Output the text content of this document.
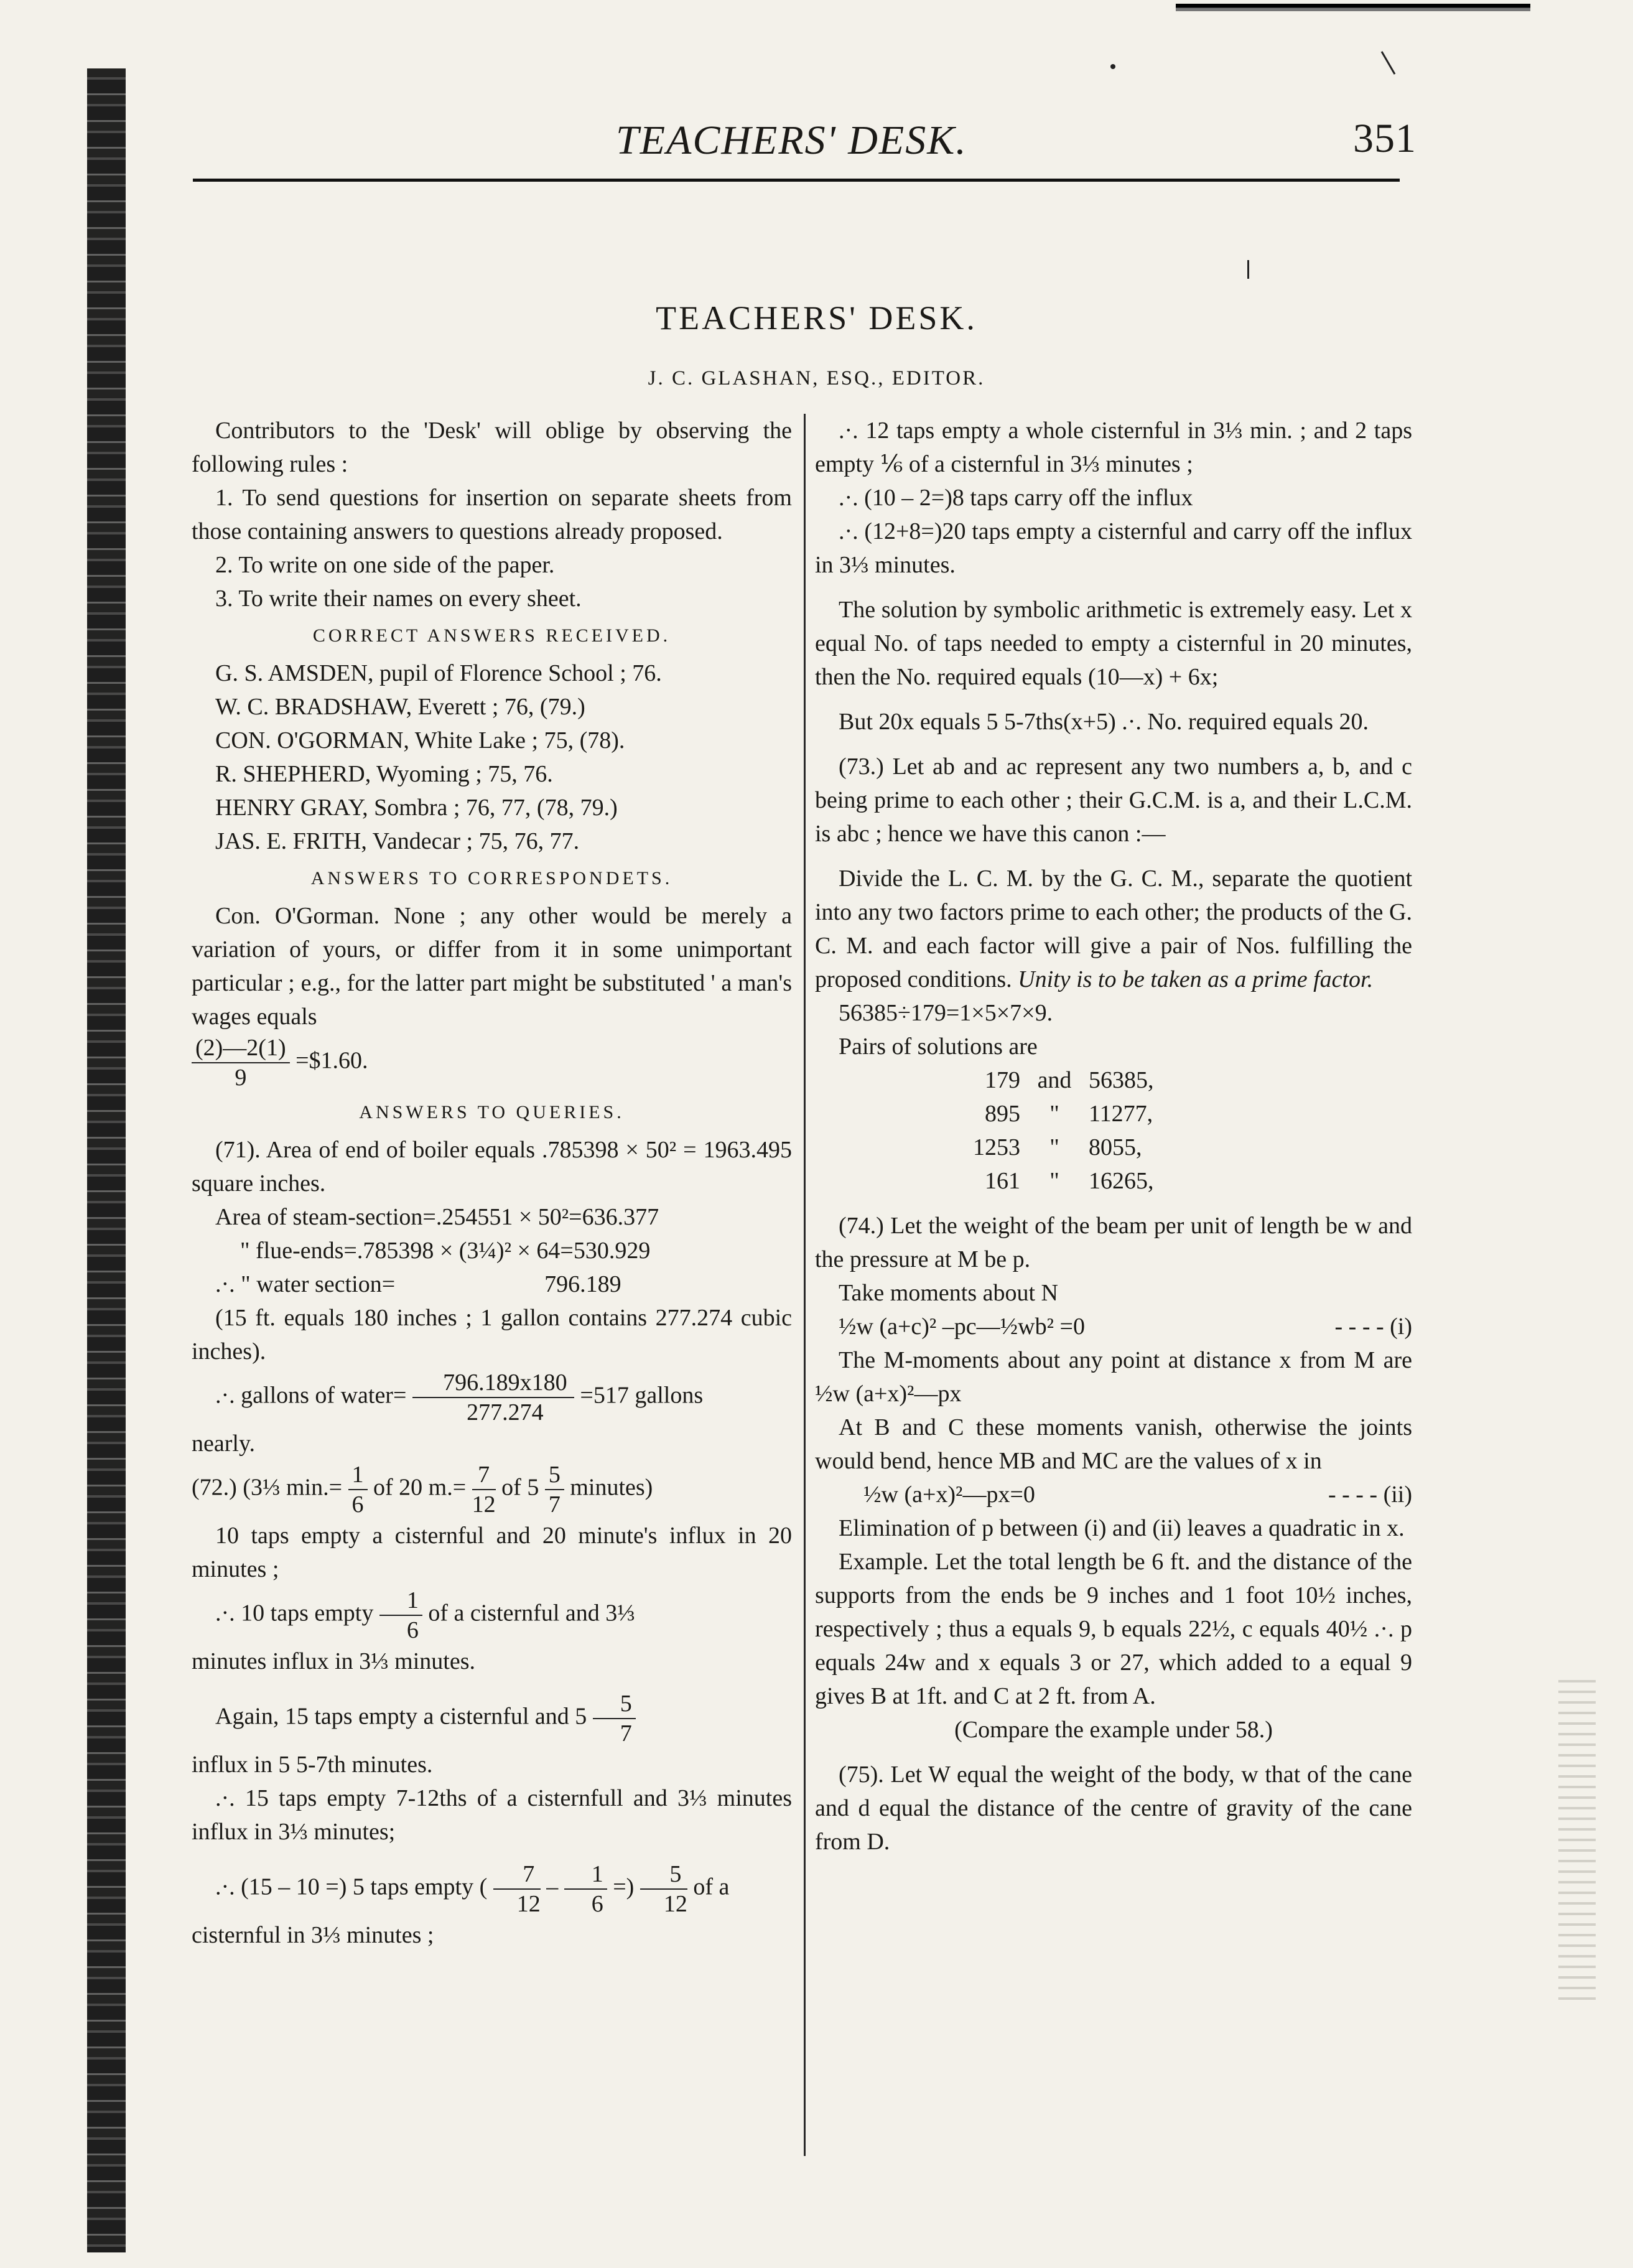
TEACHERS' DESK.	351
TEACHERS' DESK.
J. C. GLASHAN, ESQ., EDITOR.

Contributors to the 'Desk' will oblige by observing the following rules :

1. To send questions for insertion on separate sheets from those containing answers to questions already proposed.

2. To write on one side of the paper.

3. To write their names on every sheet.

CORRECT ANSWERS RECEIVED.

G. S. AMSDEN, pupil of Florence School ; 76.

W. C. BRADSHAW, Everett ; 76, (79.)

CON. O'GORMAN, White Lake ; 75, (78).

R. SHEPHERD, Wyoming ; 75, 76.

HENRY GRAY, Sombra ; 76, 77, (78, 79.)

JAS. E. FRITH, Vandecar ; 75, 76, 77.

ANSWERS TO CORRESPONDETS.

Con. O'Gorman. None ; any other would be merely a variation of yours, or differ from it in some unimportant particular ; e.g., for the latter part might be substituted ' a man's wages equals

$\frac{(2)—2(1)}{9}$ =$1.60.

ANSWERS TO QUERIES.

(71). Area of end of boiler equals .785398 × 50² = 1963.495 square inches.

Area of steam-section=.254551 × 50²=636.377

" flue-ends=.785398 × (3¼)² × 64=530.929

.·. " water section=	796.189

(15 ft. equals 180 inches ; 1 gallon contains 277.274 cubic inches).

.·. gallons of water= $\frac{796.189x180}{277.274} =517$ gallons

nearly.

(72.) (3⅓ $\min.= \frac{1}{6}$ of 20 $m.= \frac{7}{12}$ of $5 \frac{5}{7}$ minutes)

10 taps empty a cisternful and 20 minute's influx in 20 minutes ;

.·. 10 taps empty $\frac{1}{6}$ of a cisternful and 3⅓

minutes influx in 3⅓ minutes.

Again, 15 taps empty a cisternful and $5 \frac{5}{7}$

influx in 5 5-7th minutes.

.·. 15 taps empty 7-12ths of a cisternfull and 3⅓ minutes influx in 3⅓ minutes;

.·. (15 – 10 =) 5 taps empty ( $\frac{7}{12} - \frac{1}{6}$ =) $\frac{5}{12}$ of a

cisternful in 3⅓ minutes ;

.·. 12 taps empty a whole cisternful in 3⅓ min. ; and 2 taps empty ⅙ of a cisternful in 3⅓ minutes ;

.·. (10 – 2=)8 taps carry off the influx

.·. (12+8=)20 taps empty a cisternful and carry off the influx in 3⅓ minutes.

The solution by symbolic arithmetic is extremely easy. Let x equal No. of taps needed to empty a cisternful in 20 minutes, then the No. required equals (10—x) + 6x;

But 20x equals 5 5-7ths(x+5) .·. No. required equals 20.

(73.) Let ab and ac represent any two numbers a, b, and c being prime to each other ; their G.C.M. is a, and their L.C.M. is abc ; hence we have this canon :—

Divide the L. C. M. by the G. C. M., separate the quotient into any two factors prime to each other; the products of the G. C. M. and each factor will give a pair of Nos. fulfilling the proposed conditions. Unity is to be taken as a prime factor.

56385÷179=1×5×7×9.

Pairs of solutions are

179 and 56385,

895 " 11277,

1253 " 8055,

161 " 16265,

(74.) Let the weight of the beam per unit of length be w and the pressure at M be p.

Take moments about N

½w (a+c)² –pc—½wb² =0	- - - - (i)

The M-moments about any point at distance x from M are ½w (a+x)²—px

At B and C these moments vanish, otherwise the joints would bend, hence MB and MC are the values of x in

½w (a+x)²—px=0	- - - - (ii)

Elimination of p between (i) and (ii) leaves a quadratic in x.

Example. Let the total length be 6 ft. and the distance of the supports from the ends be 9 inches and 1 foot 10½ inches, respectively ; thus a equals 9, b equals 22½, c equals 40½ .·. p equals 24w and x equals 3 or 27, which added to a equal 9 gives B at 1ft. and C at 2 ft. from A.

(Compare the example under 58.)

(75). Let W equal the weight of the body, w that of the cane and d equal the distance of the centre of gravity of the cane from D.
